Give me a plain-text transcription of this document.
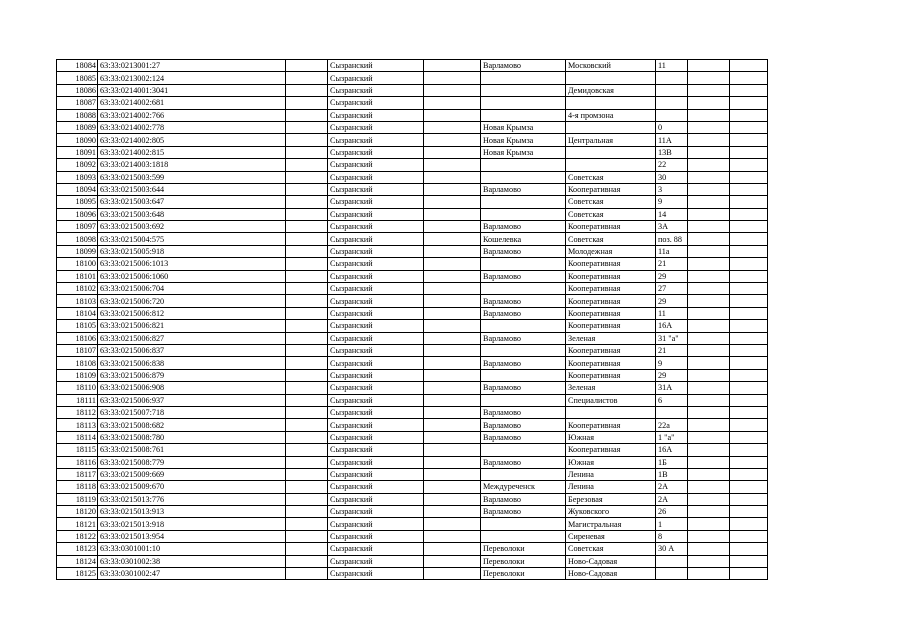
18084	63:33:0213001:27		Сызранский		Варламово	Московский	11		
18085	63:33:0213002:124		Сызранский						
18086	63:33:0214001:3041		Сызранский			Демидовская			
18087	63:33:0214002:681		Сызранский						
18088	63:33:0214002:766		Сызранский			4-я промзона			
18089	63:33:0214002:778		Сызранский		Новая Крымза		0		
18090	63:33:0214002:805		Сызранский		Новая Крымза	Центральная	11А		
18091	63:33:0214002:815		Сызранский		Новая Крымза		13В		
18092	63:33:0214003:1818		Сызранский				22		
18093	63:33:0215003:599		Сызранский			Советская	30		
18094	63:33:0215003:644		Сызранский		Варламово	Кооперативная	3		
18095	63:33:0215003:647		Сызранский			Советская	9		
18096	63:33:0215003:648		Сызранский			Советская	14		
18097	63:33:0215003:692		Сызранский		Варламово	Кооперативная	3А		
18098	63:33:0215004:575		Сызранский		Кошелевка	Советская	поз. 88		
18099	63:33:0215005:918		Сызранский		Варламово	Молодежная	11а		
18100	63:33:0215006:1013		Сызранский			Кооперативная	21		
18101	63:33:0215006:1060		Сызранский		Варламово	Кооперативная	29		
18102	63:33:0215006:704		Сызранский			Кооперативная	27		
18103	63:33:0215006:720		Сызранский		Варламово	Кооперативная	29		
18104	63:33:0215006:812		Сызранский		Варламово	Кооперативная	11		
18105	63:33:0215006:821		Сызранский			Кооперативная	16А		
18106	63:33:0215006:827		Сызранский		Варламово	Зеленая	31 "а"		
18107	63:33:0215006:837		Сызранский			Кооперативная	21		
18108	63:33:0215006:838		Сызранский		Варламово	Кооперативная	9		
18109	63:33:0215006:879		Сызранский			Кооперативная	29		
18110	63:33:0215006:908		Сызранский		Варламово	Зеленая	31А		
18111	63:33:0215006:937		Сызранский			Специалистов	6		
18112	63:33:0215007:718		Сызранский		Варламово				
18113	63:33:0215008:682		Сызранский		Варламово	Кооперативная	22а		
18114	63:33:0215008:780		Сызранский		Варламово	Южная	1 "а"		
18115	63:33:0215008:761		Сызранский			Кооперативная	16А		
18116	63:33:0215008:779		Сызранский		Варламово	Южная	1Б		
18117	63:33:0215009:669		Сызранский			Ленина	1В		
18118	63:33:0215009:670		Сызранский		Междуреченск	Ленина	2А		
18119	63:33:0215013:776		Сызранский		Варламово	Березовая	2А		
18120	63:33:0215013:913		Сызранский		Варламово	Жуковского	26		
18121	63:33:0215013:918		Сызранский			Магистральная	1		
18122	63:33:0215013:954		Сызранский			Сиреневая	8		
18123	63:33:0301001:10		Сызранский		Переволоки	Советская	30 А		
18124	63:33:0301002:38		Сызранский		Переволоки	Ново-Садовая			
18125	63:33:0301002:47		Сызранский		Переволоки	Ново-Садовая			
